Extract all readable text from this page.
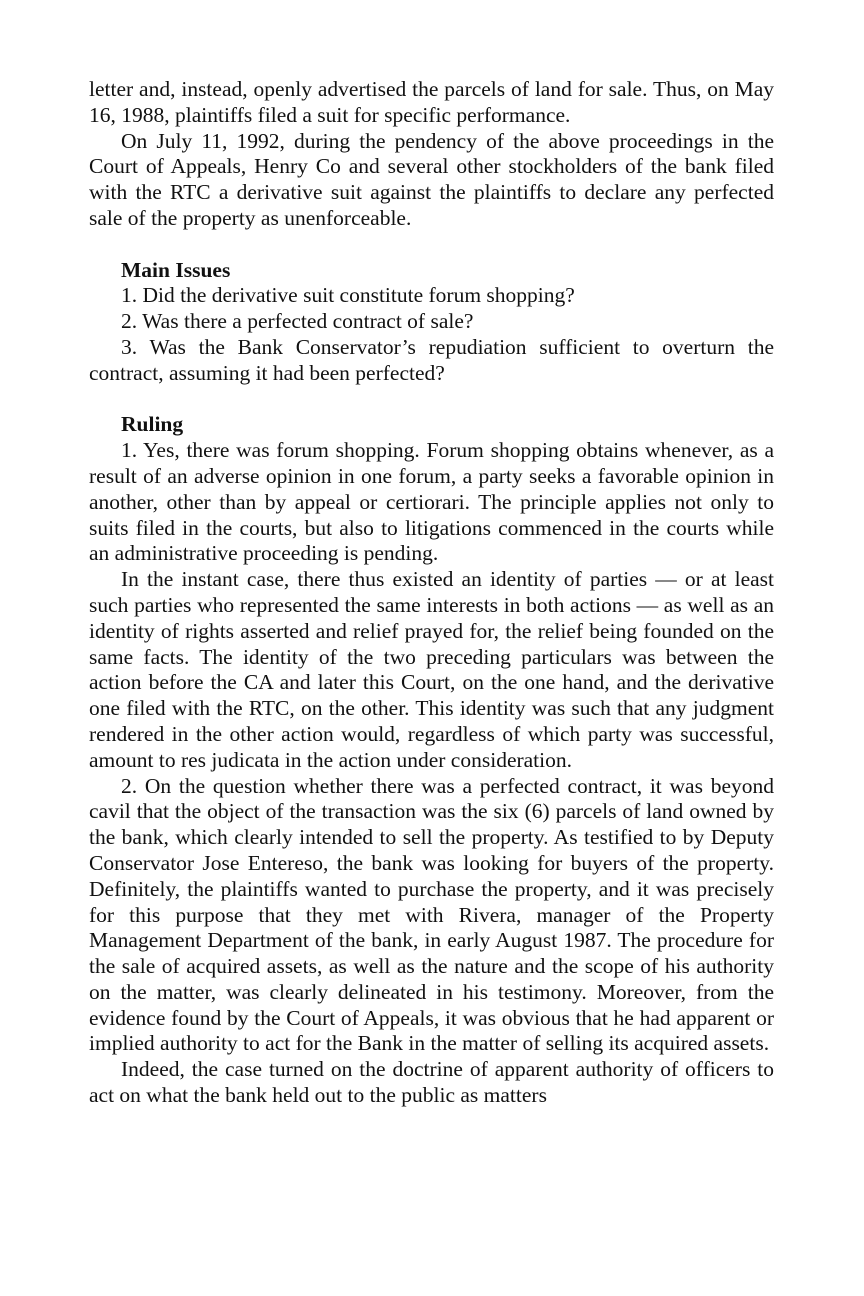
letter and, instead, openly advertised the parcels of land for sale. Thus, on May 16, 1988, plaintiffs filed a suit for specific performance.

On July 11, 1992, during the pendency of the above proceedings in the Court of Appeals, Henry Co and several other stockholders of the bank filed with the RTC a derivative suit against the plaintiffs to declare any perfected sale of the property as unenforceable.

Main Issues

1. Did the derivative suit constitute forum shopping?

2. Was there a perfected contract of sale?

3. Was the Bank Conservator’s repudiation sufficient to overturn the contract, assuming it had been perfected?

Ruling

1. Yes, there was forum shopping. Forum shopping obtains whenever, as a result of an adverse opinion in one forum, a party seeks a favorable opinion in another, other than by appeal or certiorari. The principle applies not only to suits filed in the courts, but also to litigations commenced in the courts while an administrative proceeding is pending.

In the instant case, there thus existed an identity of parties — or at least such parties who represented the same interests in both actions — as well as an identity of rights asserted and relief prayed for, the relief being founded on the same facts. The identity of the two preceding particulars was between the action before the CA and later this Court, on the one hand, and the derivative one filed with the RTC, on the other. This identity was such that any judgment rendered in the other action would, regardless of which party was successful, amount to res judicata in the action under consideration.

2. On the question whether there was a perfected contract, it was beyond cavil that the object of the transaction was the six (6) parcels of land owned by the bank, which clearly intended to sell the property. As testified to by Deputy Conservator Jose Entereso, the bank was looking for buyers of the property. Definitely, the plaintiffs wanted to purchase the property, and it was precisely for this purpose that they met with Rivera, manager of the Property Management Department of the bank, in early August 1987. The procedure for the sale of acquired assets, as well as the nature and the scope of his authority on the matter, was clearly delineated in his testimony. Moreover, from the evidence found by the Court of Appeals, it was obvious that he had apparent or implied authority to act for the Bank in the matter of selling its acquired assets.

Indeed, the case turned on the doctrine of apparent authority of officers to act on what the bank held out to the public as matters
